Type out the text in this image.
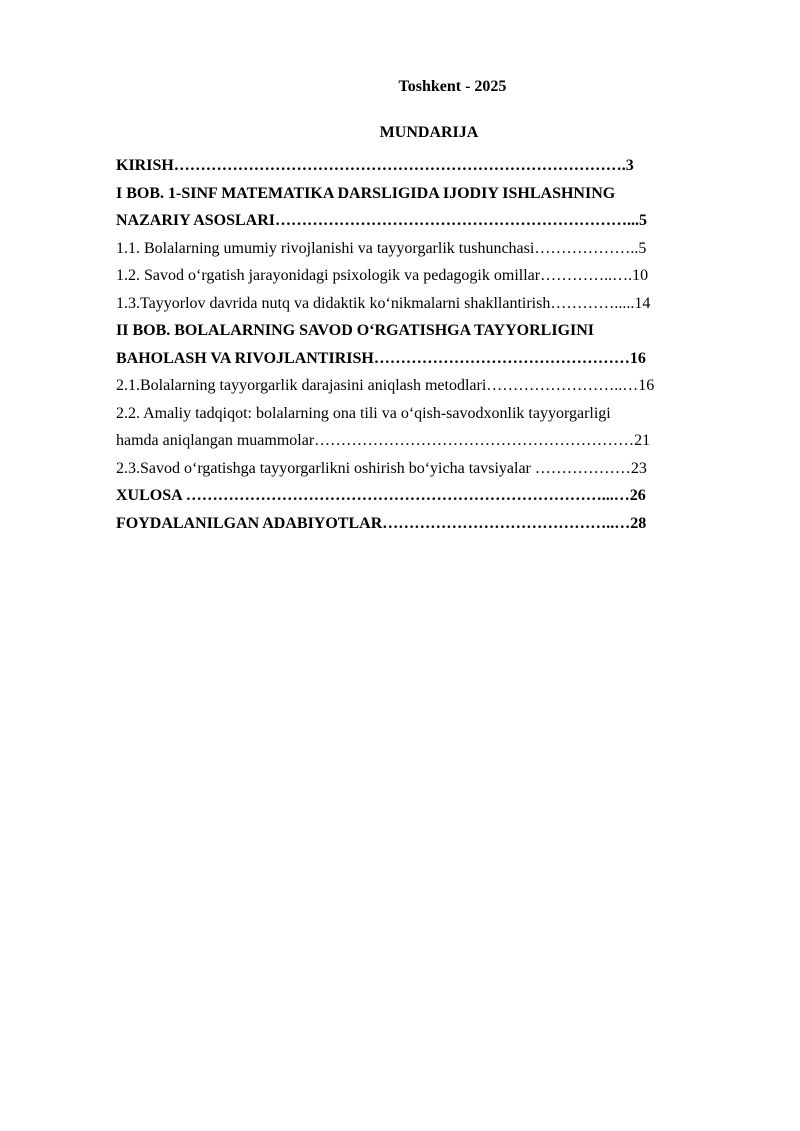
Toshkent - 2025
MUNDARIJA
KIRISH………………………………………………………………………….3
I BOB. 1-SINF MATEMATIKA DARSLIGIDA IJODIY ISHLASHNING
NAZARIY ASOSLARI…………………………………………………………...5
1.1. Bolalarning umumiy rivojlanishi va tayyorgarlik tushunchasi………………..5
1.2. Savod o‘rgatish jarayonidagi psixologik va pedagogik omillar…………..….10
1.3.Tayyorlov davrida nutq va didaktik ko‘nikmalarni shakllantirish………….....14
II BOB. BOLALARNING SAVOD O‘RGATISHGA TAYYORLIGINI
BAHOLASH VA RIVOJLANTIRISH…………………………………………16
2.1.Bolalarning tayyorgarlik darajasini aniqlash metodlari……………………..…16
2.2. Amaliy tadqiqot: bolalarning ona tili va o‘qish-savodxonlik tayyorgarligi
hamda aniqlangan muammolar……………………………………………………21
2.3.Savod o‘rgatishga tayyorgarlikni oshirish bo‘yicha tavsiyalar ………………23
XULOSA ……………………………………………………………………...…26
FOYDALANILGAN ADABIYOTLAR……………………………………..…28
